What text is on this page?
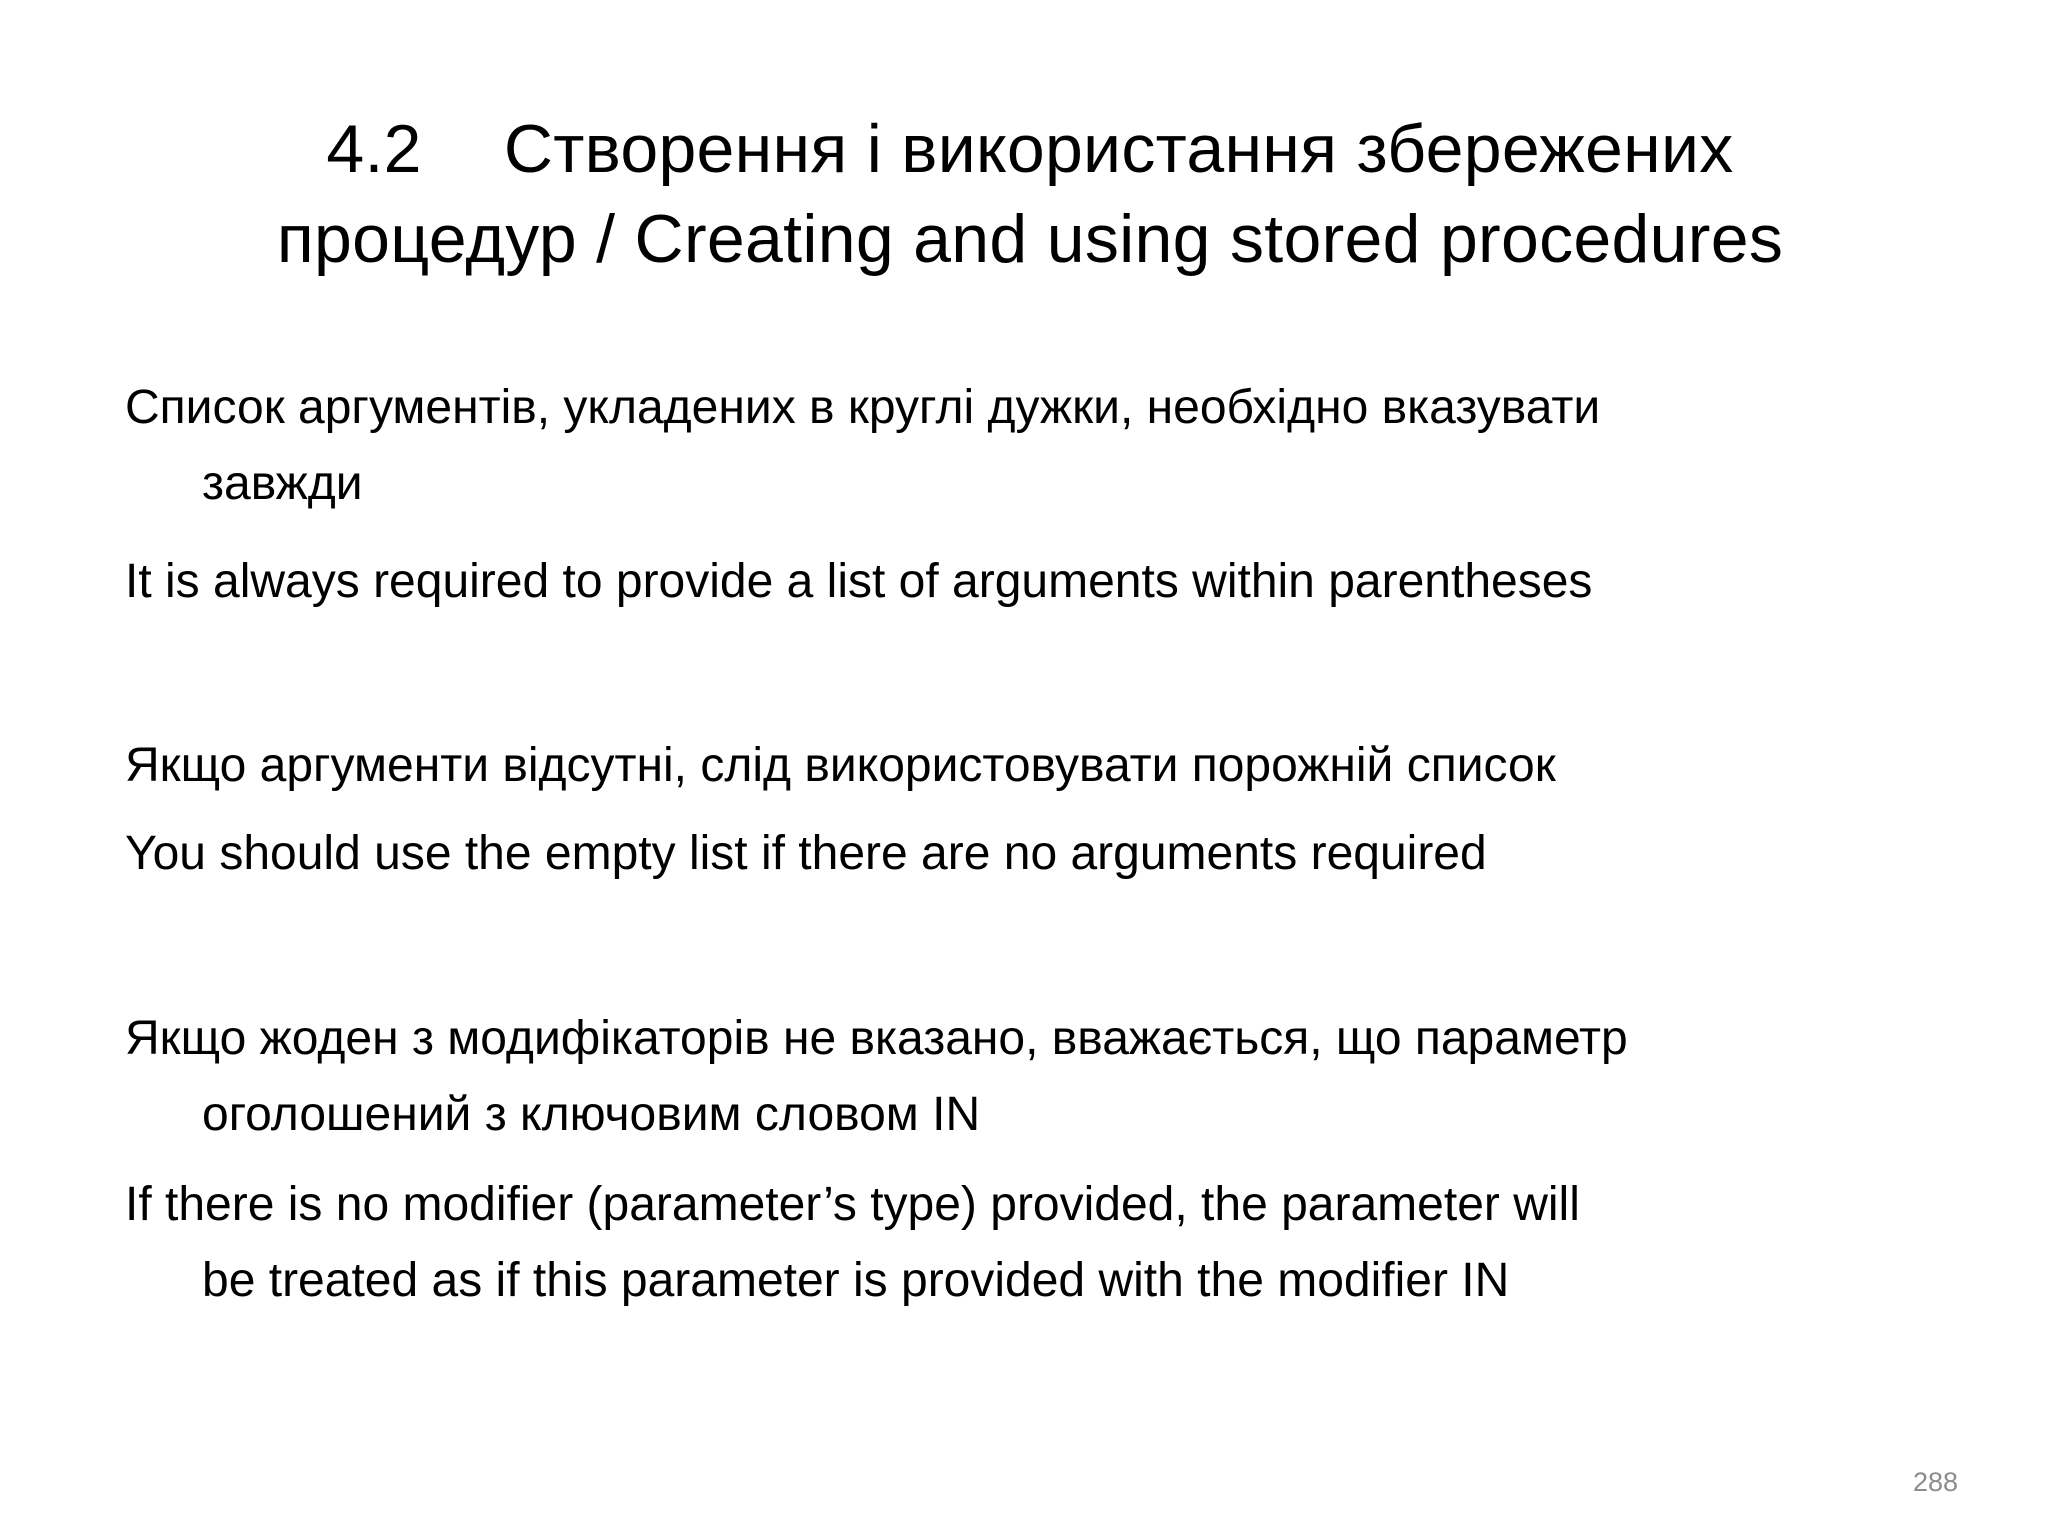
4.2 Створення і використання збережених
процедур / Creating and using stored procedures
Список аргументів, укладених в круглі дужки, необхідно вказувати
завжди
It is always required to provide a list of arguments within parentheses
Якщо аргументи відсутні, слід використовувати порожній список
You should use the empty list if there are no arguments required
Якщо жоден з модифікаторів не вказано, вважається, що параметр
оголошений з ключовим словом IN
If there is no modifier (parameter’s type) provided, the parameter will
be treated as if this parameter is provided with the modifier IN
288
